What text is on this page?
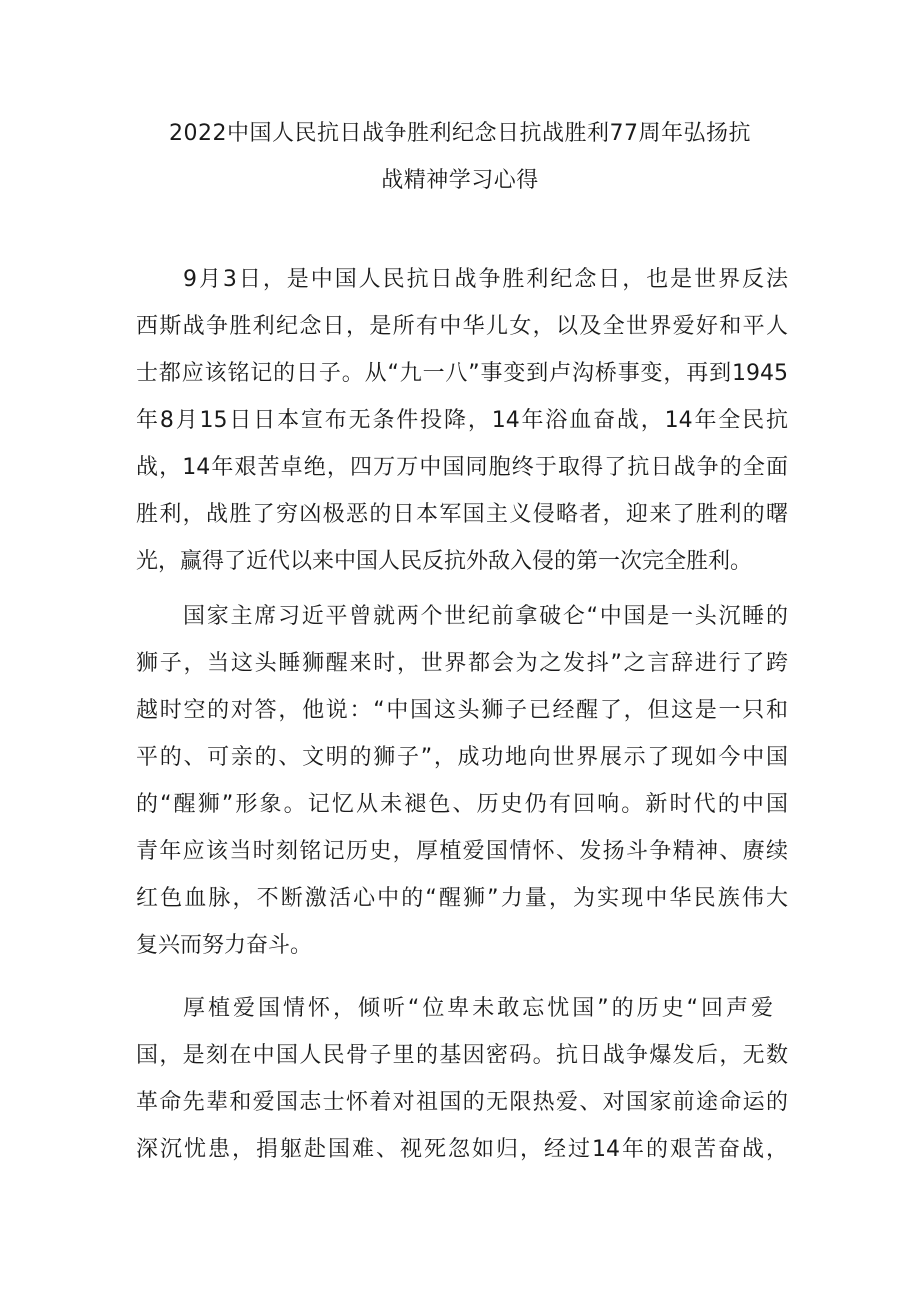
2022中国人民抗日战争胜利纪念日抗战胜利77周年弘扬抗
战精神学习心得
9月3日，是中国人民抗日战争胜利纪念日，也是世界反法
西斯战争胜利纪念日，是所有中华儿女，以及全世界爱好和平人
士都应该铭记的日子。从“九一八”事变到卢沟桥事变，再到1945
年8月15日日本宣布无条件投降，14年浴血奋战，14年全民抗
战，14年艰苦卓绝，四万万中国同胞终于取得了抗日战争的全面
胜利，战胜了穷凶极恶的日本军国主义侵略者，迎来了胜利的曙
光，赢得了近代以来中国人民反抗外敌入侵的第一次完全胜利。
国家主席习近平曾就两个世纪前拿破仑“中国是一头沉睡的
狮子，当这头睡狮醒来时，世界都会为之发抖”之言辞进行了跨
越时空的对答，他说：“中国这头狮子已经醒了，但这是一只和
平的、可亲的、文明的狮子”，成功地向世界展示了现如今中国
的“醒狮”形象。记忆从未褪色、历史仍有回响。新时代的中国
青年应该当时刻铭记历史，厚植爱国情怀、发扬斗争精神、赓续
红色血脉，不断激活心中的“醒狮”力量，为实现中华民族伟大
复兴而努力奋斗。
厚植爱国情怀，倾听“位卑未敢忘忧国”的历史“回声爱
国，是刻在中国人民骨子里的基因密码。抗日战争爆发后，无数
革命先辈和爱国志士怀着对祖国的无限热爱、对国家前途命运的
深沉忧患，捐躯赴国难、视死忽如归，经过14年的艰苦奋战，
